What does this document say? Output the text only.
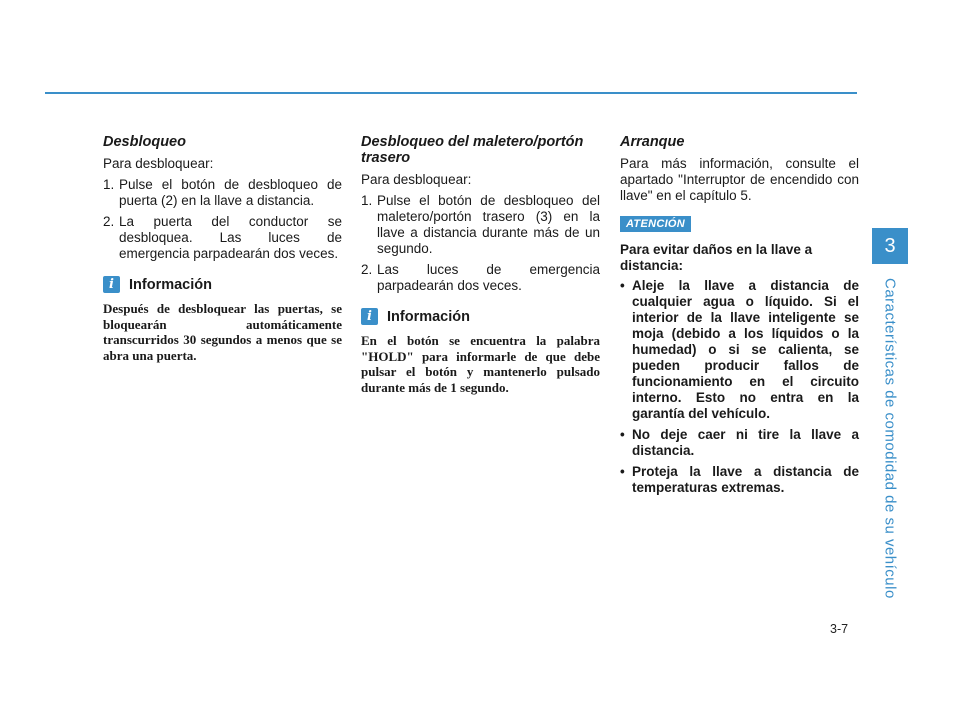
Desbloqueo

Para desbloquear:

1. Pulse el botón de desbloqueo de puerta (2) en la llave a distancia.
2. La puerta del conductor se desbloquea. Las luces de emergencia parpadearán dos veces.
i	Información

Después de desbloquear las puertas, se bloquearán automáticamente transcurridos 30 segundos a menos que se abra una puerta.

Desbloqueo del maletero/portón trasero

Para desbloquear:

1. Pulse el botón de desbloqueo del maletero/portón trasero (3) en la llave a distancia durante más de un segundo.
2. Las luces de emergencia parpadearán dos veces.
i	Información

En el botón se encuentra la palabra "HOLD" para informarle de que debe pulsar el botón y mantenerlo pulsado durante más de 1 segundo.

Arranque

Para más información, consulte el apartado "Interruptor de encendido con llave" en el capítulo 5.

ATENCIÓN

Para evitar daños en la llave a distancia:

• Aleje la llave a distancia de cualquier agua o líquido. Si el interior de la llave inteligente se moja (debido a los líquidos o la humedad) o si se calienta, se pueden producir fallos de funcionamiento en el circuito interno. Esto no entra en la garantía del vehículo.
• No deje caer ni tire la llave a distancia.
• Proteja la llave a distancia de temperaturas extremas.
3
Características de comodidad de su vehículo
3-7
